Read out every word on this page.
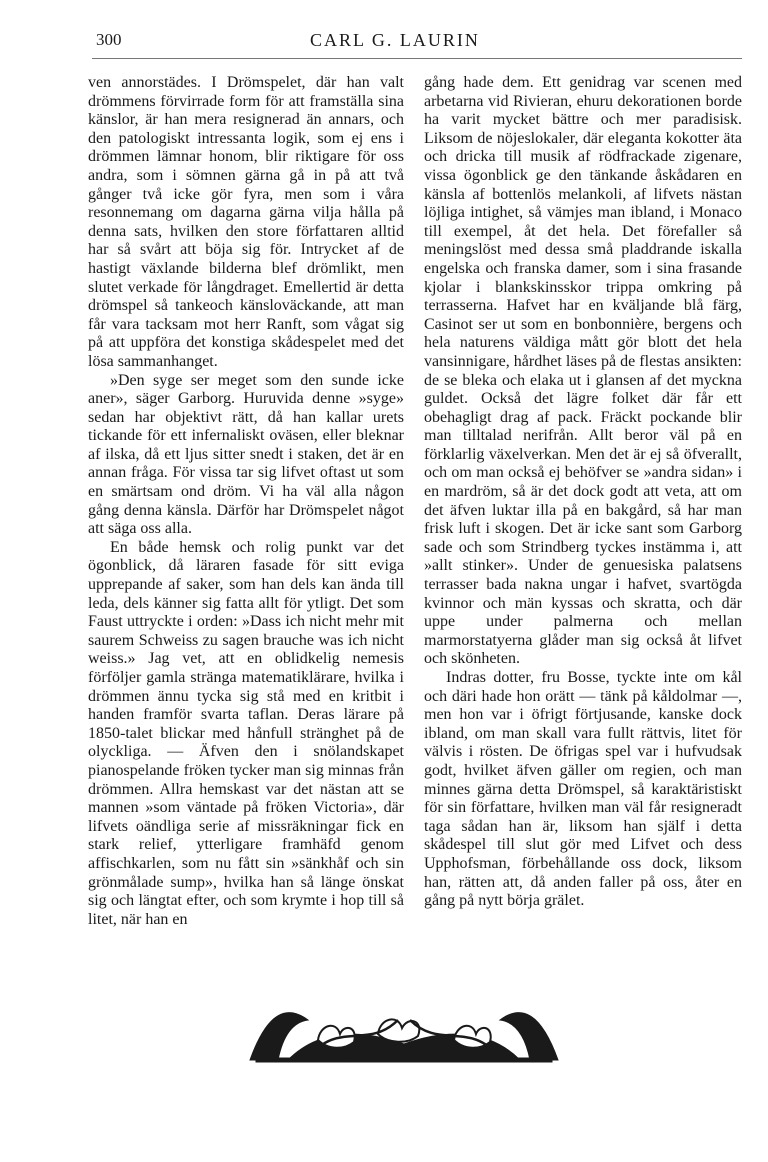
300	CARL G. LAURIN

ven annorstädes. I Drömspelet, där han valt drömmens förvirrade form för att framställa sina känslor, är han mera resignerad än annars, och den patologiskt intressanta logik, som ej ens i drömmen lämnar honom, blir riktigare för oss andra, som i sömnen gärna gå in på att två gånger två icke gör fyra, men som i våra resonnemang om dagarna gärna vilja hålla på denna sats, hvilken den store författaren alltid har så svårt att böja sig för. Intrycket af de hastigt växlande bilderna blef drömlikt, men slutet verkade för långdraget. Emellertid är detta drömspel så tankeoch känsloväckande, att man får vara tacksam mot herr Ranft, som vågat sig på att uppföra det konstiga skådespelet med det lösa sammanhanget.

»Den syge ser meget som den sunde icke aner», säger Garborg. Huruvida denne »syge» sedan har objektivt rätt, då han kallar urets tickande för ett infernaliskt oväsen, eller bleknar af ilska, då ett ljus sitter snedt i staken, det är en annan fråga. För vissa tar sig lifvet oftast ut som en smärtsam ond dröm. Vi ha väl alla någon gång denna känsla. Därför har Drömspelet något att säga oss alla.

En både hemsk och rolig punkt var det ögonblick, då läraren fasade för sitt eviga upprepande af saker, som han dels kan ända till leda, dels känner sig fatta allt för ytligt. Det som Faust uttryckte i orden: »Dass ich nicht mehr mit saurem Schweiss zu sagen brauche was ich nicht weiss.» Jag vet, att en oblidkelig nemesis förföljer gamla stränga matematiklärare, hvilka i drömmen ännu tycka sig stå med en kritbit i handen framför svarta taflan. Deras lärare på 1850-talet blickar med hånfull stränghet på de olyckliga. — Äfven den i snölandskapet pianospelande fröken tycker man sig minnas från drömmen. Allra hemskast var det nästan att se mannen »som väntade på fröken Victoria», där lifvets oändliga serie af missräkningar fick en stark relief, ytterligare framhäfd genom affischkarlen, som nu fått sin »sänkhåf och sin grönmålade sump», hvilka han så länge önskat sig och längtat efter, och som krymte i hop till så litet, när han en

gång hade dem. Ett genidrag var scenen med arbetarna vid Rivieran, ehuru dekorationen borde ha varit mycket bättre och mer paradisisk. Liksom de nöjeslokaler, där eleganta kokotter äta och dricka till musik af rödfrackade zigenare, vissa ögonblick ge den tänkande åskådaren en känsla af bottenlös melankoli, af lifvets nästan löjliga intighet, så vämjes man ibland, i Monaco till exempel, åt det hela. Det förefaller så meningslöst med dessa små pladdrande iskalla engelska och franska damer, som i sina frasande kjolar i blankskinsskor trippa omkring på terrasserna. Hafvet har en kväljande blå färg, Casinot ser ut som en bonbonnière, bergens och hela naturens väldiga mått gör blott det hela vansinnigare, hårdhet läses på de flestas ansikten: de se bleka och elaka ut i glansen af det myckna guldet. Också det lägre folket där får ett obehagligt drag af pack. Fräckt pockande blir man tilltalad nerifrån. Allt beror väl på en förklarlig växelverkan. Men det är ej så öfverallt, och om man också ej behöfver se »andra sidan» i en mardröm, så är det dock godt att veta, att om det äfven luktar illa på en bakgård, så har man frisk luft i skogen. Det är icke sant som Garborg sade och som Strindberg tyckes instämma i, att »allt stinker». Under de genuesiska palatsens terrasser bada nakna ungar i hafvet, svartögda kvinnor och män kyssas och skratta, och där uppe under palmerna och mellan marmorstatyerna glåder man sig också åt lifvet och skönheten.

Indras dotter, fru Bosse, tyckte inte om kål och däri hade hon orätt — tänk på kåldolmar —, men hon var i öfrigt förtjusande, kanske dock ibland, om man skall vara fullt rättvis, litet för välvis i rösten. De öfrigas spel var i hufvudsak godt, hvilket äfven gäller om regien, och man minnes gärna detta Drömspel, så karaktäristiskt för sin författare, hvilken man väl får resigneradt taga sådan han är, liksom han själf i detta skådespel till slut gör med Lifvet och dess Upphofsman, förbehållande oss dock, liksom han, rätten att, då anden faller på oss, åter en gång på nytt börja grälet.
